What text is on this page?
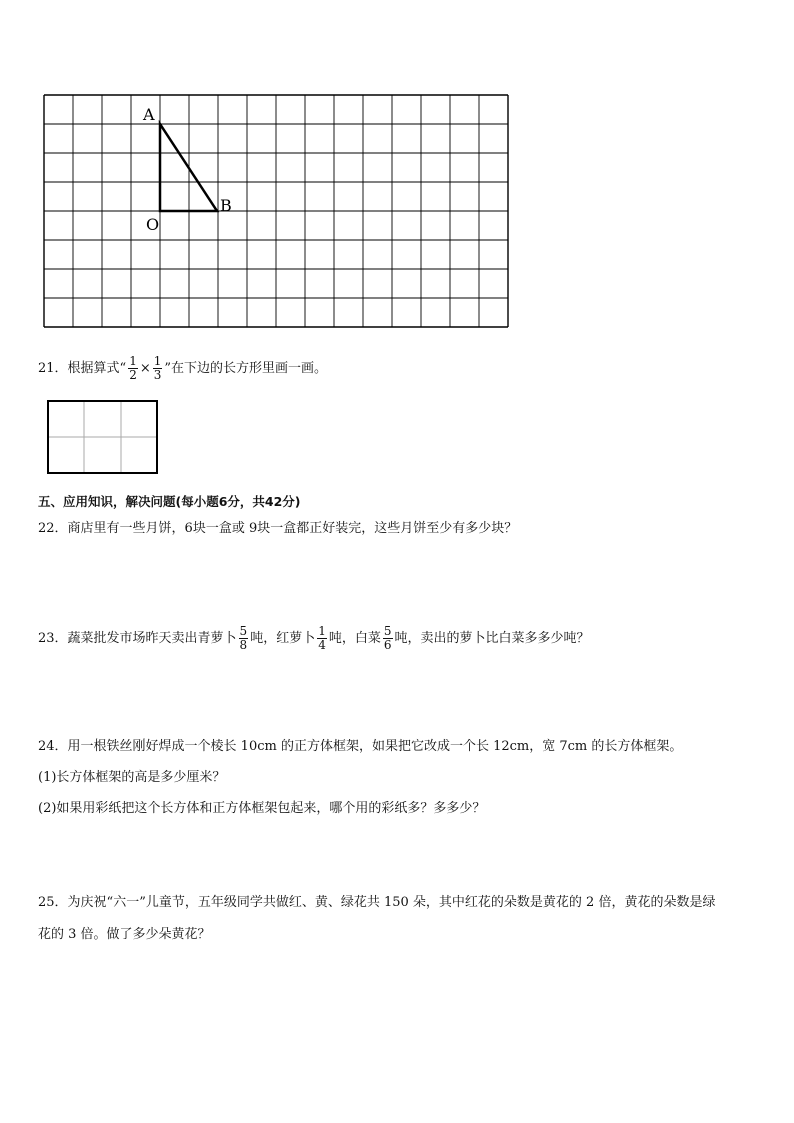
A
B
O
21．根据算式“ $\frac{1}{2} \times \frac{1}{3}$ ”在下边的长方形里画一画。
五、应用知识，解决问题(每小题6分，共42分)
22．商店里有一些月饼，6块一盒或 9块一盒都正好装完，这些月饼至少有多少块？
23．蔬菜批发市场昨天卖出青萝卜 $\frac{5}{8}$ 吨，红萝卜 $\frac{1}{4}$ 吨，白菜 $\frac{5}{6}$ 吨，卖出的萝卜比白菜多多少吨？
24．用一根铁丝刚好焊成一个棱长 10cm 的正方体框架，如果把它改成一个长 12cm，宽 7cm 的长方体框架。
(1)长方体框架的高是多少厘米？
(2)如果用彩纸把这个长方体和正方体框架包起来，哪个用的彩纸多？多多少？
25．为庆祝“六一”儿童节，五年级同学共做红、黄、绿花共 150 朵，其中红花的朵数是黄花的 2 倍，黄花的朵数是绿
花的 3 倍。做了多少朵黄花？
